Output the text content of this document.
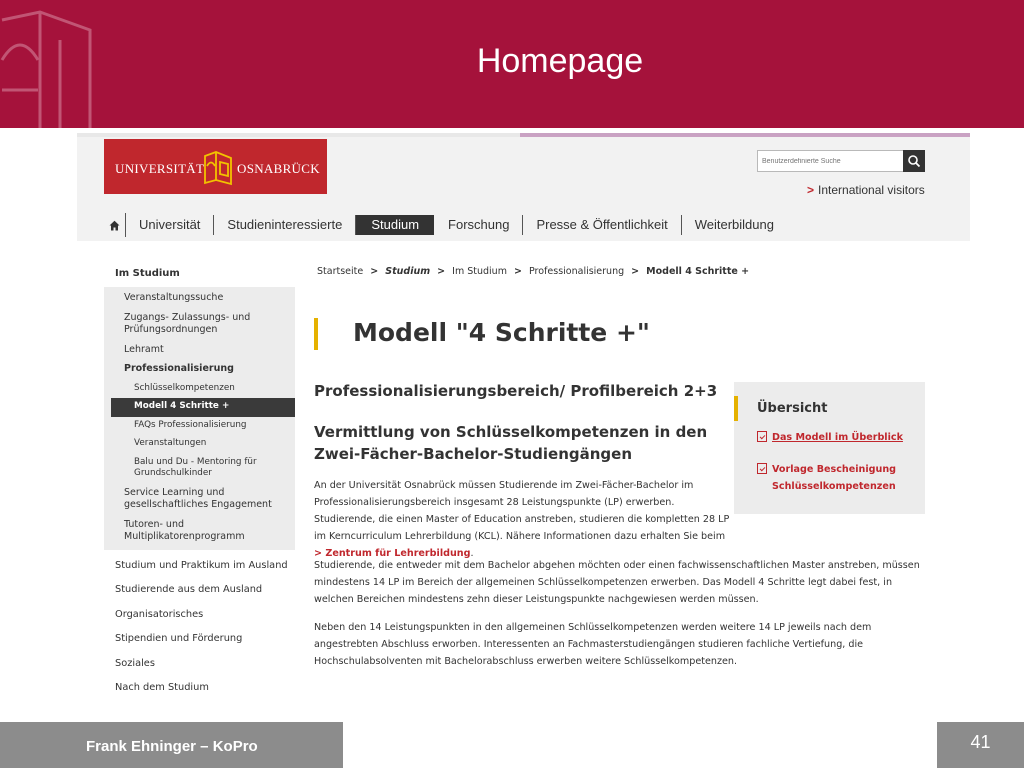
Homepage
UNIVERSITÄT	OSNABRÜCK
Benutzerdefinierte Suche
> International visitors
Universität	Studieninteressierte	Studium	Forschung	Presse & Öffentlichkeit	Weiterbildung
Im Studium
Veranstaltungssuche
Zugangs- Zulassungs- und Prüfungsordnungen
Lehramt
Professionalisierung
Schlüsselkompetenzen
Modell 4 Schritte +
FAQs Professionalisierung
Veranstaltungen
Balu und Du - Mentoring für Grundschulkinder
Service Learning und gesellschaftliches Engagement
Tutoren- und Multiplikatorenprogramm
Studium und Praktikum im Ausland
Studierende aus dem Ausland
Organisatorisches
Stipendien und Förderung
Soziales
Nach dem Studium
Startseite > Studium > Im Studium > Professionalisierung > Modell 4 Schritte +
Modell "4 Schritte +"
Professionalisierungsbereich/ Profilbereich 2+3
Vermittlung von Schlüsselkompetenzen in den Zwei-Fächer-Bachelor-Studiengängen
An der Universität Osnabrück müssen Studierende im Zwei-Fächer-Bachelor im Professionalisierungsbereich insgesamt 28 Leistungspunkte (LP) erwerben. Studierende, die einen Master of Education anstreben, studieren die kompletten 28 LP im Kerncurriculum Lehrerbildung (KCL). Nähere Informationen dazu erhalten Sie beim > Zentrum für Lehrerbildung.
Studierende, die entweder mit dem Bachelor abgehen möchten oder einen fachwissenschaftlichen Master anstreben, müssen mindestens 14 LP im Bereich der allgemeinen Schlüsselkompetenzen erwerben. Das Modell 4 Schritte legt dabei fest, in welchen Bereichen mindestens zehn dieser Leistungspunkte nachgewiesen werden müssen.
Neben den 14 Leistungspunkten in den allgemeinen Schlüsselkompetenzen werden weitere 14 LP jeweils nach dem angestrebten Abschluss erworben. Interessenten an Fachmasterstudiengängen studieren fachliche Vertiefung, die Hochschulabsolventen mit Bachelorabschluss erwerben weitere Schlüsselkompetenzen.
Übersicht
Das Modell im Überblick
Vorlage Bescheinigung Schlüsselkompetenzen
Frank Ehninger – KoPro	41
